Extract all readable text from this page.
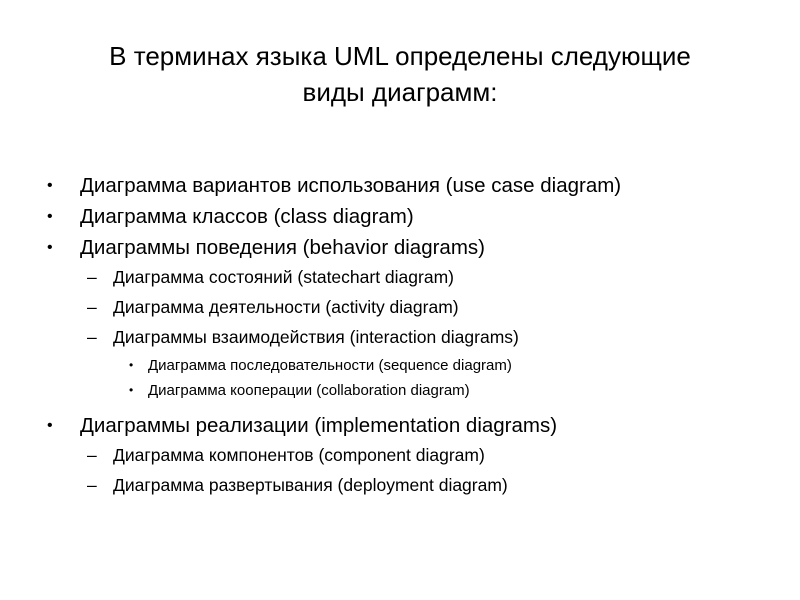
В терминах языка UML определены следующие
виды диаграмм:
• Диаграмма вариантов использования (use case diagram)
• Диаграмма классов (class diagram)
• Диаграммы поведения (behavior diagrams)
– Диаграмма состояний (statechart diagram)
– Диаграмма деятельности (activity diagram)
– Диаграммы взаимодействия (interaction diagrams)
• Диаграмма последовательности (sequence diagram)
• Диаграмма кооперации (collaboration diagram)
• Диаграммы реализации (implementation diagrams)
– Диаграмма компонентов (component diagram)
– Диаграмма развертывания (deployment diagram)
